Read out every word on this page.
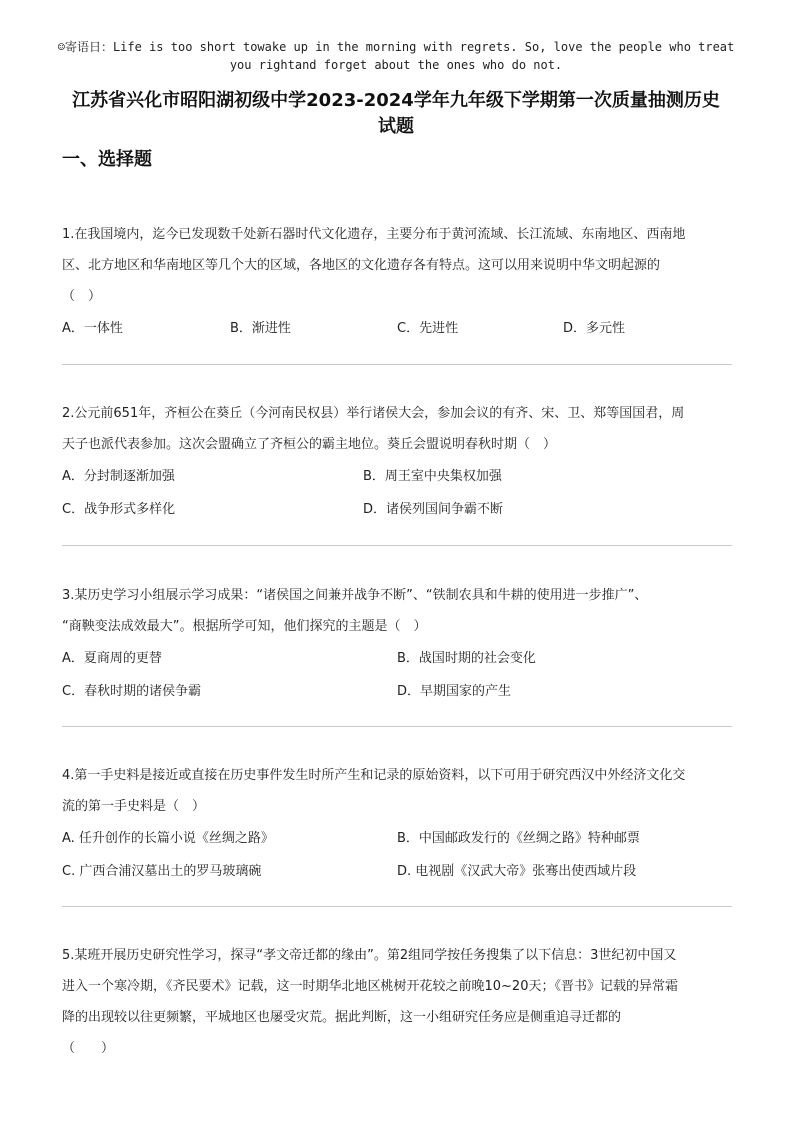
☺寄语日：Life is too short towake up in the morning with regrets. So, love the people who treat
you rightand forget about the ones who do not.
江苏省兴化市昭阳湖初级中学2023-2024学年九年级下学期第一次质量抽测历史
试题
一、选择题

1.在我国境内，迄今已发现数千处新石器时代文化遗存，主要分布于黄河流域、长江流域、东南地区、西南地
区、北方地区和华南地区等几个大的区域，各地区的文化遗存各有特点。这可以用来说明中华文明起源的
（　）

A．一体性	B．渐进性	C．先进性	D．多元性

2.公元前651年，齐桓公在葵丘（今河南民权县）举行诸侯大会，参加会议的有齐、宋、卫、郑等国国君，周
天子也派代表参加。这次会盟确立了齐桓公的霸主地位。葵丘会盟说明春秋时期（　）

A．分封制逐渐加强	B．周王室中央集权加强
C．战争形式多样化	D．诸侯列国间争霸不断

3.某历史学习小组展示学习成果：“诸侯国之间兼并战争不断”、“铁制农具和牛耕的使用进一步推广”、
“商鞅变法成效最大”。根据所学可知，他们探究的主题是（　）

A．夏商周的更替	B．战国时期的社会变化
C．春秋时期的诸侯争霸	D．早期国家的产生

4.第一手史料是接近或直接在历史事件发生时所产生和记录的原始资料，以下可用于研究西汉中外经济文化交
流的第一手史料是（　）

A. 任升创作的长篇小说《丝绸之路》	B．中国邮政发行的《丝绸之路》特种邮票
C. 广西合浦汉墓出土的罗马玻璃碗	D. 电视剧《汉武大帝》张骞出使西域片段

5.某班开展历史研究性学习，探寻“孝文帝迁都的缘由”。第2组同学按任务搜集了以下信息：3世纪初中国又
进入一个寒冷期，《齐民要术》记载，这一时期华北地区桃树开花较之前晚10~20天；《晋书》记载的异常霜
降的出现较以往更频繁，平城地区也屡受灾荒。据此判断，这一小组研究任务应是侧重追寻迁都的
（　　）
